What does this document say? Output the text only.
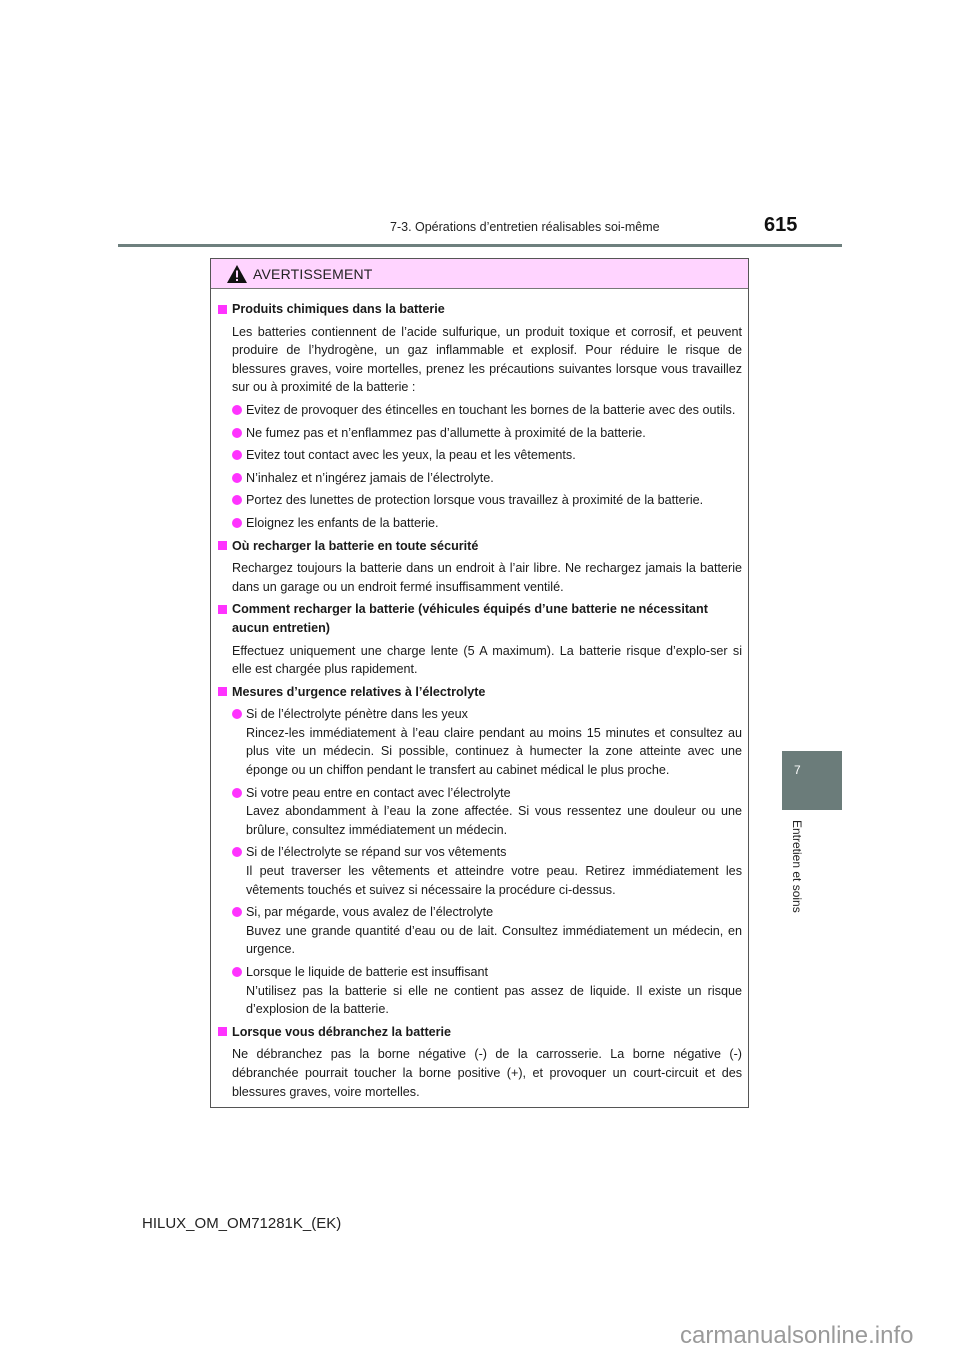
7-3. Opérations d’entretien réalisables soi-même	615
7
Entretien et soins
AVERTISSEMENT
Produits chimiques dans la batterie
Les batteries contiennent de l’acide sulfurique, un produit toxique et corrosif, et peuvent produire de l’hydrogène, un gaz inflammable et explosif. Pour réduire le risque de blessures graves, voire mortelles, prenez les précautions suivantes lorsque vous travaillez sur ou à proximité de la batterie :
Evitez de provoquer des étincelles en touchant les bornes de la batterie avec des outils.
Ne fumez pas et n’enflammez pas d’allumette à proximité de la batterie.
Evitez tout contact avec les yeux, la peau et les vêtements.
N’inhalez et n’ingérez jamais de l’électrolyte.
Portez des lunettes de protection lorsque vous travaillez à proximité de la batterie.
Eloignez les enfants de la batterie.
Où recharger la batterie en toute sécurité
Rechargez toujours la batterie dans un endroit à l’air libre. Ne rechargez jamais la batterie dans un garage ou un endroit fermé insuffisamment ventilé.
Comment recharger la batterie (véhicules équipés d’une batterie ne nécessitant aucun entretien)
Effectuez uniquement une charge lente (5 A maximum). La batterie risque d’explo-ser si elle est chargée plus rapidement.
Mesures d’urgence relatives à l’électrolyte
Si de l’électrolyte pénètre dans les yeux
Rincez-les immédiatement à l’eau claire pendant au moins 15 minutes et consultez au plus vite un médecin. Si possible, continuez à humecter la zone atteinte avec une éponge ou un chiffon pendant le transfert au cabinet médical le plus proche.
Si votre peau entre en contact avec l’électrolyte
Lavez abondamment à l’eau la zone affectée. Si vous ressentez une douleur ou une brûlure, consultez immédiatement un médecin.
Si de l’électrolyte se répand sur vos vêtements
Il peut traverser les vêtements et atteindre votre peau. Retirez immédiatement les vêtements touchés et suivez si nécessaire la procédure ci-dessus.
Si, par mégarde, vous avalez de l’électrolyte
Buvez une grande quantité d’eau ou de lait. Consultez immédiatement un médecin, en urgence.
Lorsque le liquide de batterie est insuffisant
N’utilisez pas la batterie si elle ne contient pas assez de liquide. Il existe un risque d’explosion de la batterie.
Lorsque vous débranchez la batterie
Ne débranchez pas la borne négative (-) de la carrosserie. La borne négative (-) débranchée pourrait toucher la borne positive (+), et provoquer un court-circuit et des blessures graves, voire mortelles.
HILUX_OM_OM71281K_(EK)
carmanualsonline.info
